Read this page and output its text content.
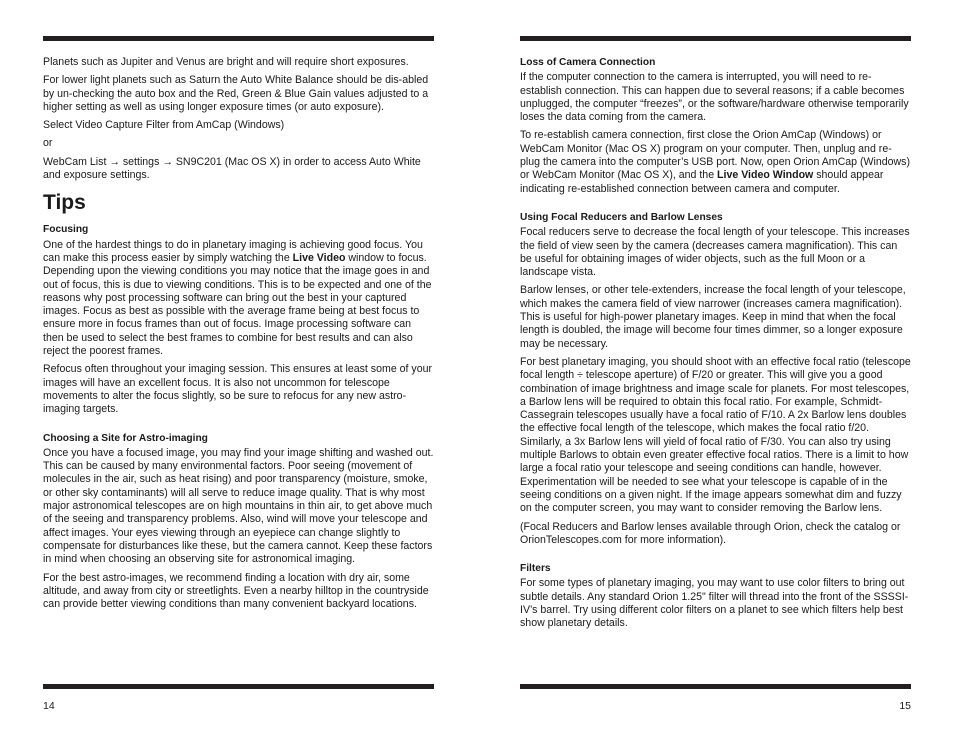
Planets such as Jupiter and Venus are bright and will require short exposures.

For lower light planets such as Saturn the Auto White Balance should be dis-abled by un-checking the auto box and the Red, Green & Blue Gain values adjusted to a higher setting as well as using longer exposure times (or auto exposure).

Select Video Capture Filter from AmCap (Windows)

or

WebCam List → settings → SN9C201 (Mac OS X) in order to access Auto White and exposure settings.

Tips
Focusing

One of the hardest things to do in planetary imaging is achieving good focus. You can make this process easier by simply watching the Live Video window to focus. Depending upon the viewing conditions you may notice that the image goes in and out of focus, this is due to viewing conditions. This is to be expected and one of the reasons why post processing software can bring out the best in your captured images. Focus as best as possible with the average frame being at best focus to ensure more in focus frames than out of focus. Image processing software can then be used to select the best frames to combine for best results and can also reject the poorest frames.

Refocus often throughout your imaging session. This ensures at least some of your images will have an excellent focus. It is also not uncommon for telescope movements to alter the focus slightly, so be sure to refocus for any new astro-imaging targets.

Choosing a Site for Astro-imaging

Once you have a focused image, you may find your image shifting and washed out. This can be caused by many environmental factors. Poor seeing (movement of molecules in the air, such as heat rising) and poor transparency (moisture, smoke, or other sky contaminants) will all serve to reduce image quality. That is why most major astronomical telescopes are on high mountains in thin air, to get above much of the seeing and transparency problems. Also, wind will move your telescope and affect images. Your eyes viewing through an eyepiece can change slightly to compensate for disturbances like these, but the camera cannot. Keep these factors in mind when choosing an observing site for astronomical imaging.

For the best astro-images, we recommend finding a location with dry air, some altitude, and away from city or streetlights. Even a nearby hilltop in the countryside can provide better viewing conditions than many convenient backyard locations.

14
Loss of Camera Connection

If the computer connection to the camera is interrupted, you will need to re-establish connection. This can happen due to several reasons; if a cable becomes unplugged, the computer “freezes”, or the software/hardware otherwise temporarily loses the data coming from the camera.

To re-establish camera connection, first close the Orion AmCap (Windows) or WebCam Monitor (Mac OS X) program on your computer. Then, unplug and re-plug the camera into the computer’s USB port. Now, open Orion AmCap (Windows) or WebCam Monitor (Mac OS X), and the Live Video Window should appear indicating re-established connection between camera and computer.

Using Focal Reducers and Barlow Lenses

Focal reducers serve to decrease the focal length of your telescope. This increases the field of view seen by the camera (decreases camera magnification). This can be useful for obtaining images of wider objects, such as the full Moon or a landscape vista.

Barlow lenses, or other tele-extenders, increase the focal length of your telescope, which makes the camera field of view narrower (increases camera magnification). This is useful for high-power planetary images. Keep in mind that when the focal length is doubled, the image will become four times dimmer, so a longer exposure may be necessary.

For best planetary imaging, you should shoot with an effective focal ratio (telescope focal length ÷ telescope aperture) of F/20 or greater. This will give you a good combination of image brightness and image scale for planets. For most telescopes, a Barlow lens will be required to obtain this focal ratio. For example, Schmidt-Cassegrain telescopes usually have a focal ratio of F/10. A 2x Barlow lens doubles the effective focal length of the telescope, which makes the focal ratio f/20. Similarly, a 3x Barlow lens will yield of focal ratio of F/30. You can also try using multiple Barlows to obtain even greater effective focal ratios. There is a limit to how large a focal ratio your telescope and seeing conditions can handle, however. Experimentation will be needed to see what your telescope is capable of in the seeing conditions on a given night. If the image appears somewhat dim and fuzzy on the computer screen, you may want to consider removing the Barlow lens.

(Focal Reducers and Barlow lenses available through Orion, check the catalog or OrionTelescopes.com for more information).

Filters

For some types of planetary imaging, you may want to use color filters to bring out subtle details. Any standard Orion 1.25" filter will thread into the front of the SSSSI-IV’s barrel. Try using different color filters on a planet to see which filters help best show planetary details.

15
